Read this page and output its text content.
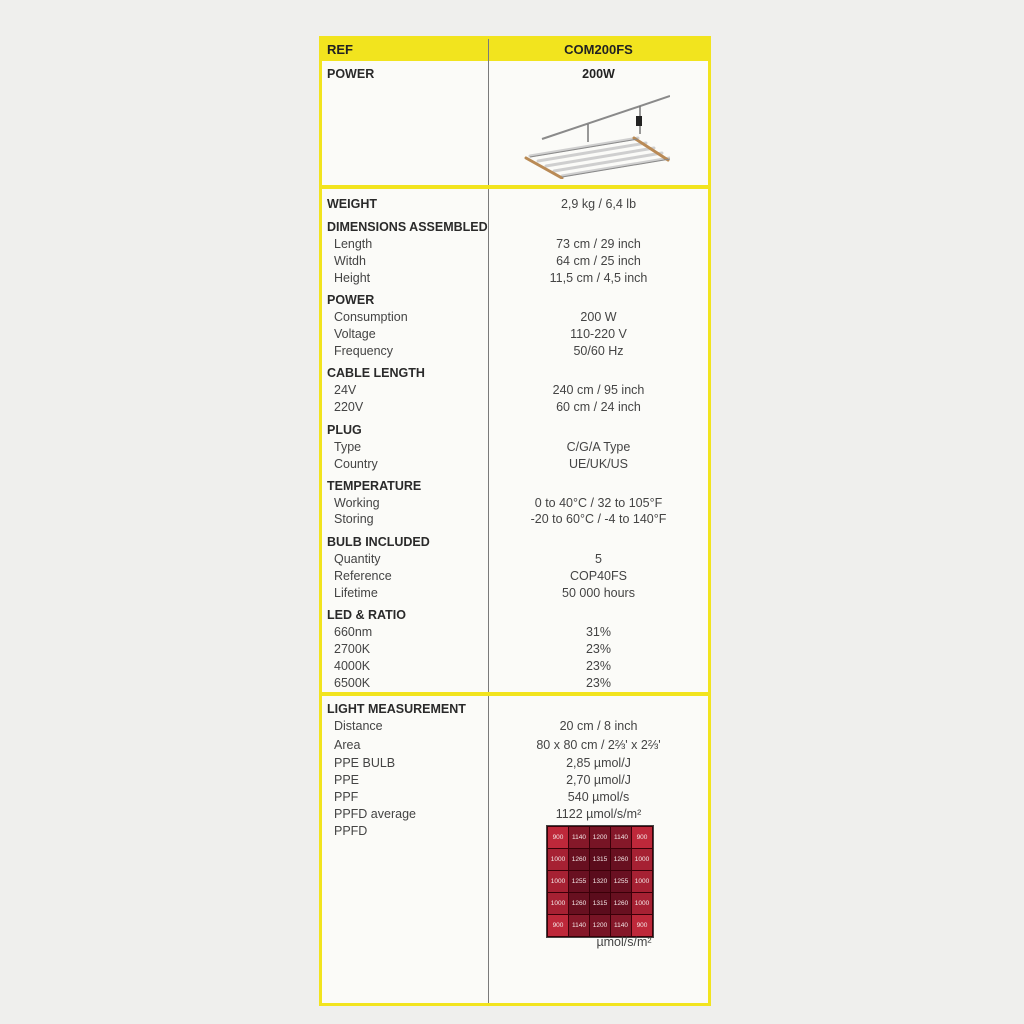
REF	COM200FS
POWER	200W
WEIGHT	2,9 kg / 6,4 lb
DIMENSIONS ASSEMBLED
Length	73 cm / 29 inch
Witdh	64 cm / 25 inch
Height	11,5 cm / 4,5 inch
POWER
Consumption	200 W
Voltage	110-220 V
Frequency	50/60 Hz
CABLE LENGTH
24V	240 cm / 95 inch
220V	60 cm / 24 inch
PLUG
Type	C/G/A Type
Country	UE/UK/US
TEMPERATURE
Working	0 to 40°C / 32 to 105°F
Storing	-20 to 60°C / -4 to 140°F
BULB INCLUDED
Quantity	5
Reference	COP40FS
Lifetime	50 000 hours
LED & RATIO
660nm	31%
2700K	23%
4000K	23%
6500K	23%
LIGHT MEASUREMENT
Distance	20 cm / 8 inch
Area	80 x 80 cm / 2⅔' x 2⅔'
PPE BULB	2,85 µmol/J
PPE	2,70 µmol/J
PPF	540 µmol/s
PPFD average	1122 µmol/s/m²
PPFD	900	1140	1200	1140	900
1000	1260	1315	1260	1000
1000	1255	1320	1255	1000
1000	1260	1315	1260	1000
900	1140	1200	1140	900
µmol/s/m²
